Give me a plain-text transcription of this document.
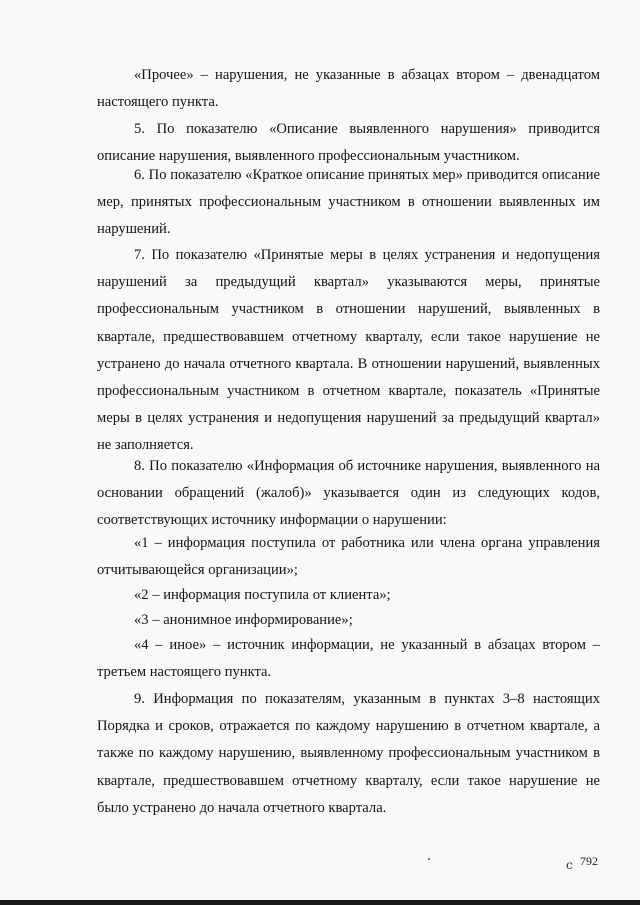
«Прочее» – нарушения, не указанные в абзацах втором – двенадцатом настоящего пункта.

5. По показателю «Описание выявленного нарушения» приводится описание нарушения, выявленного профессиональным участником.

6. По показателю «Краткое описание принятых мер» приводится описание мер, принятых профессиональным участником в отношении выявленных им нарушений.

7. По показателю «Принятые меры в целях устранения и недопущения нарушений за предыдущий квартал» указываются меры, принятые профессиональным участником в отношении нарушений, выявленных в квартале, предшествовавшем отчетному кварталу, если такое нарушение не устранено до начала отчетного квартала. В отношении нарушений, выявленных профессиональным участником в отчетном квартале, показатель «Принятые меры в целях устранения и недопущения нарушений за предыдущий квартал» не заполняется.

8. По показателю «Информация об источнике нарушения, выявленного на основании обращений (жалоб)» указывается один из следующих кодов, соответствующих источнику информации о нарушении:

«1 – информация поступила от работника или члена органа управления отчитывающейся организации»;

«2 – информация поступила от клиента»;

«3 – анонимное информирование»;

«4 – иное» – источник информации, не указанный в абзацах втором – третьем настоящего пункта.

9. Информация по показателям, указанным в пунктах 3–8 настоящих Порядка и сроков, отражается по каждому нарушению в отчетном квартале, а также по каждому нарушению, выявленному профессиональным участником в квартале, предшествовавшем отчетному кварталу, если такое нарушение не было устранено до начала отчетного квартала.

ⅽ 792
